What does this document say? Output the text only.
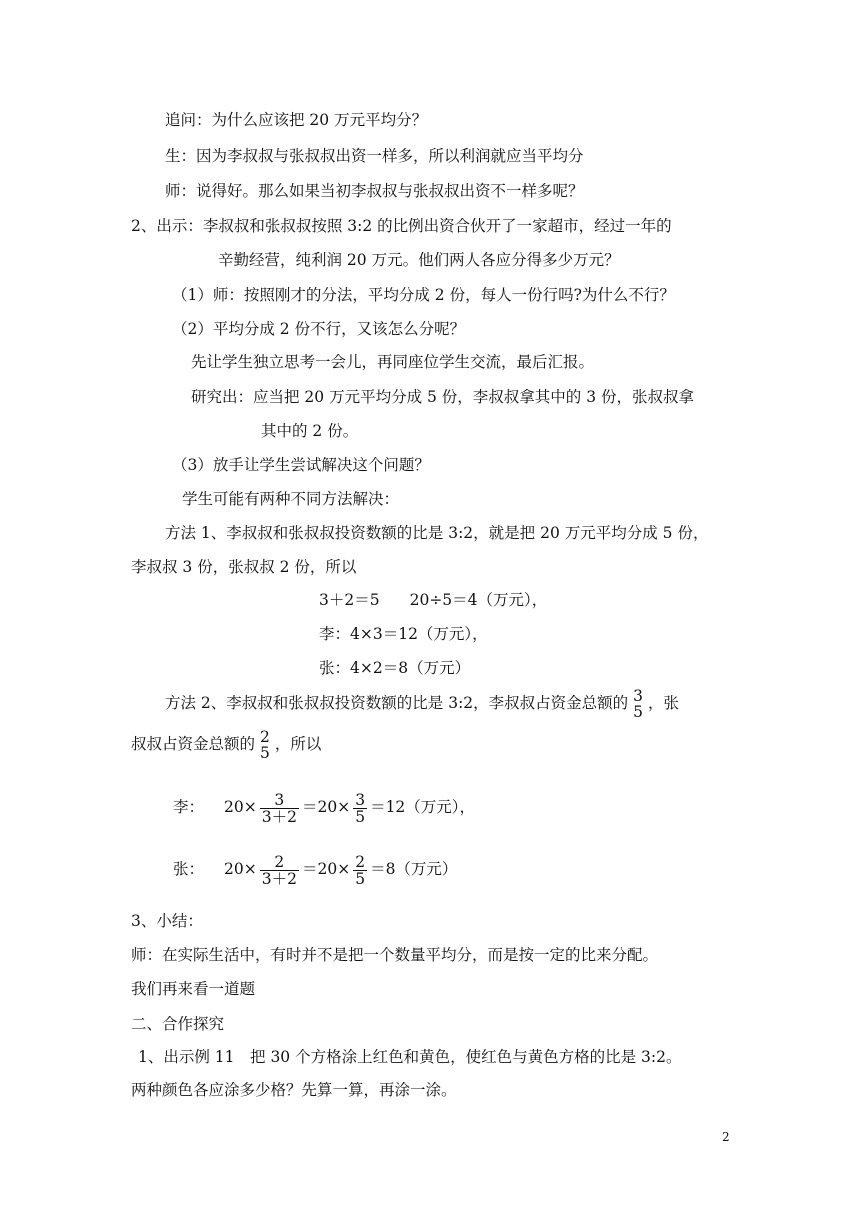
追问：为什么应该把 20 万元平均分？
生：因为李叔叔与张叔叔出资一样多，所以利润就应当平均分
师：说得好。那么如果当初李叔叔与张叔叔出资不一样多呢？
2、出示：李叔叔和张叔叔按照 3:2 的比例出资合伙开了一家超市，经过一年的
辛勤经营，纯利润 20 万元。他们两人各应分得多少万元？
（1）师：按照刚才的分法，平均分成 2 份，每人一份行吗?为什么不行？
（2）平均分成 2 份不行，又该怎么分呢？
先让学生独立思考一会儿，再同座位学生交流，最后汇报。
研究出：应当把 20 万元平均分成 5 份，李叔叔拿其中的 3 份，张叔叔拿
其中的 2 份。
（3）放手让学生尝试解决这个问题？
学生可能有两种不同方法解决：
方法 1、李叔叔和张叔叔投资数额的比是 3:2，就是把 20 万元平均分成 5 份，
李叔叔 3 份，张叔叔 2 份，所以
3＋2＝5 20÷5＝4（万元），
李：4×3＝12（万元），
张：4×2＝8（万元）
方法 2、李叔叔和张叔叔投资数额的比是 3:2，李叔叔占资金总额的 3
5 ，张
叔叔占资金总额的 2
5 ，所以
李： $20\times \frac{3}{3+2} =20\times \frac{3}{5} =12$（万元），
张： $20\times \frac{2}{3+2} =20\times \frac{2}{5} =8$（万元）
3、小结：
师：在实际生活中，有时并不是把一个数量平均分，而是按一定的比来分配。
我们再来看一道题
二、合作探究
1、出示例 11　把 30 个方格涂上红色和黄色，使红色与黄色方格的比是 3:2。
两种颜色各应涂多少格？先算一算，再涂一涂。
2
